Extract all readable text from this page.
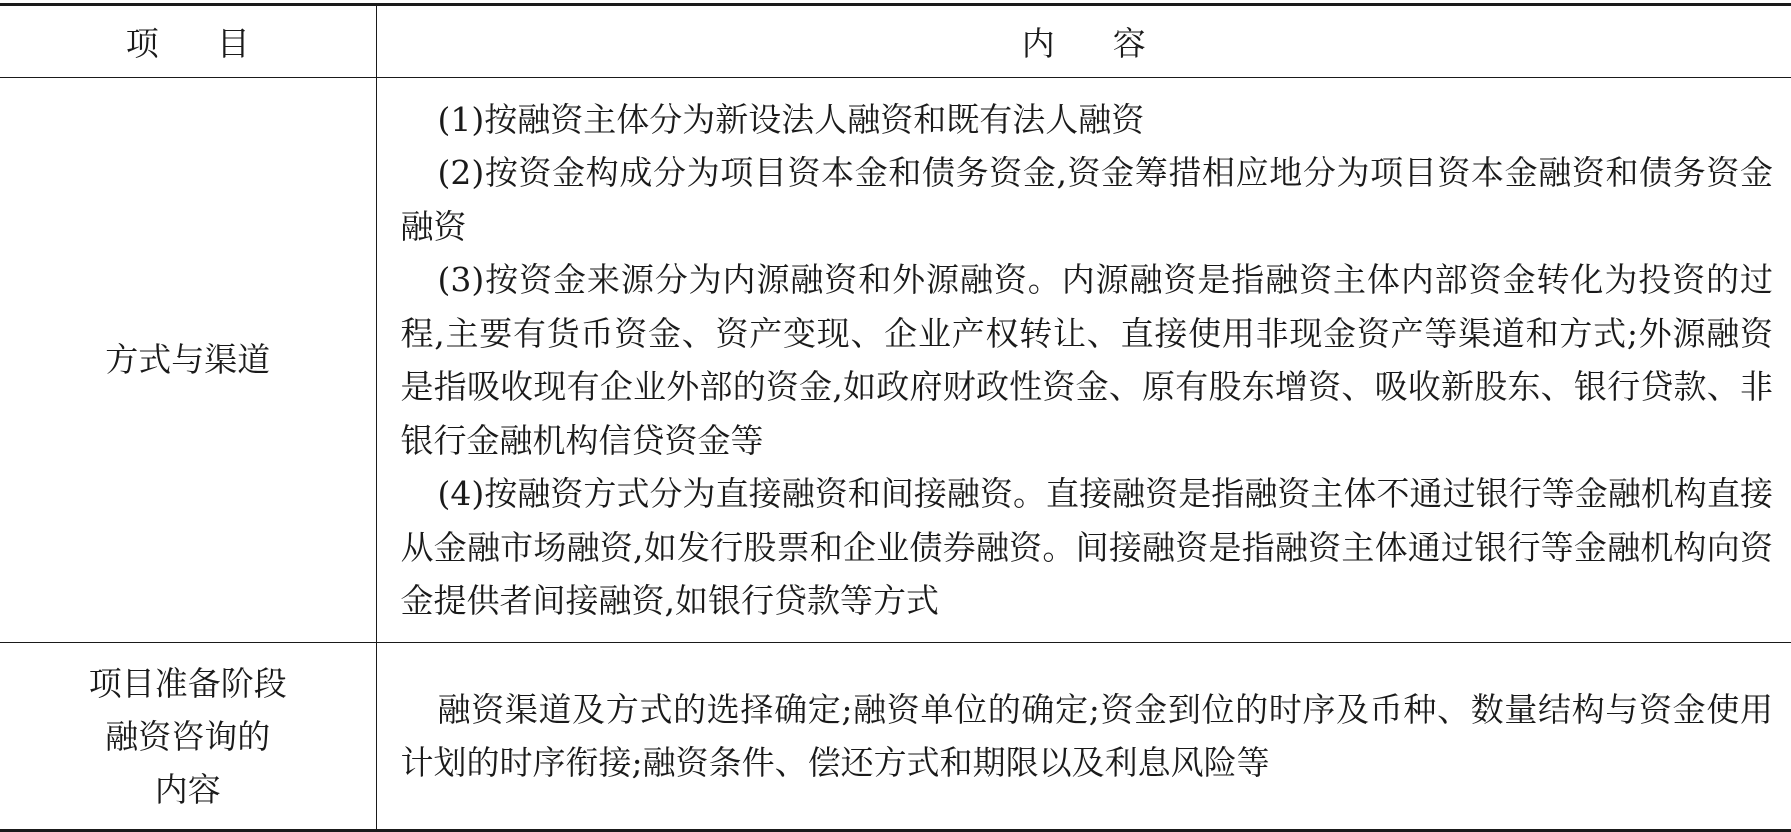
项目	内容
方式与渠道	(1)按融资主体分为新设法人融资和既有法人融资

(2)按资金构成分为项目资本金和债务资金,资金筹措相应地分为项目资本金融资和债务资金融资

(3)按资金来源分为内源融资和外源融资。内源融资是指融资主体内部资金转化为投资的过程,主要有货币资金、资产变现、企业产权转让、直接使用非现金资产等渠道和方式;外源融资是指吸收现有企业外部的资金,如政府财政性资金、原有股东增资、吸收新股东、银行贷款、非银行金融机构信贷资金等

(4)按融资方式分为直接融资和间接融资。直接融资是指融资主体不通过银行等金融机构直接从金融市场融资,如发行股票和企业债券融资。间接融资是指融资主体通过银行等金融机构向资金提供者间接融资,如银行贷款等方式

项目准备阶段
融资咨询的
内容	融资渠道及方式的选择确定;融资单位的确定;资金到位的时序及币种、数量结构与资金使用计划的时序衔接;融资条件、偿还方式和期限以及利息风险等
